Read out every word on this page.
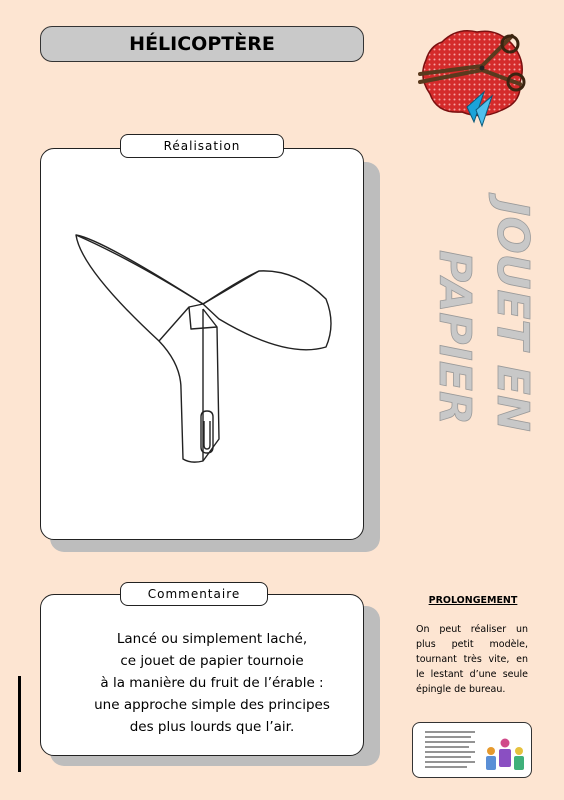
HÉLICOPTÈRE
Réalisation
JOUET EN
PAPIER
Commentaire
Lancé ou simplement laché,
ce jouet de papier tournoie
à la manière du fruit de l’érable :
une approche simple des principes
des plus lourds que l’air.
PROLONGEMENT
On peut réaliser un plus petit modèle, tournant très vite, en le lestant d’une seule épingle de bureau.
